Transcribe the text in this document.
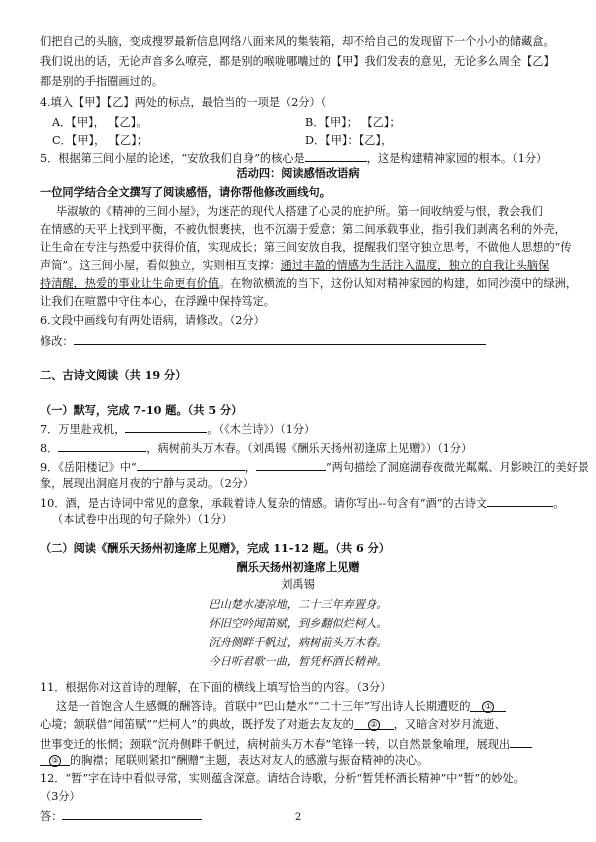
们把自己的头脑，变成搜罗最新信息网络八面来风的集装箱，却不给自己的发现留下一个小小的储藏盒。
我们说出的话，无论声音多么嘹亮，都是别的喉咙哪囔过的【甲】我们发表的意见，无论多么周全【乙】
都是别的手指圈画过的。
4.填入【甲】【乙】两处的标点，最恰当的一项是（2分）（
A．【甲】， 【乙】。	B．【甲】； 【乙】；
C．【甲】， 【乙】；	D．【甲】：【乙】，
5．根据第三间小屋的论述，“安放我们自身”的核心是	，这是构建精神家园的根本。（1分）
活动四：阅读感悟改语病
一位同学结合全文撰写了阅读感悟，请你帮他修改画线句。
毕淑敏的《精神的三间小屋》，为迷茫的现代人搭建了心灵的庇护所。第一间收纳爱与恨，教会我们
在情感的天平上找到平衡，不被仇恨裹挟，也不沉溺于爱意；第二间承载事业，指引我们剥离名利的外壳，
让生命在专注与热爱中获得价值，实现成长；第三间安放自我，提醒我们坚守独立思考，不做他人思想的“传
声筒”。这三间小屋，看似独立，实则相互支撑：通过丰盈的情感为生活注入温度，独立的自我让头脑保
持清醒，热爱的事业让生命更有价值。在物欲横流的当下，这份认知对精神家园的构建，如同沙漠中的绿洲，
让我们在喧嚣中守住本心，在浮躁中保持笃定。
6.文段中画线句有两处语病，请修改。（2分）
修改：
二、古诗文阅读（共 19 分）
（一）默写，完成 7-10 题。（共 5 分）
7．万里赴戎机，	。（《木兰诗》）（1分）
8．	，病树前头万木春。（刘禹锡《酬乐天扬州初逢席上见赠》）（1分）
9．《岳阳楼记》中“	，	”两句描绘了洞庭湖春夜微光粼粼、月影映江的美好景
象，展现出洞庭月夜的宁静与灵动。（2分）
10．酒，是古诗词中常见的意象，承载着诗人复杂的情感。请你写出--句含有“酒”的古诗文	。
（本试卷中出现的句子除外）（1分）
（二）阅读《酬乐天扬州初逢席上见赠》，完成 11-12 题。（共 6 分）
酬乐天扬州初逢席上见赠
刘禹锡
巴山楚水凄凉地，二十三年弃置身。
怀旧空吟闻笛赋，到乡翻似烂柯人。
沉舟侧畔千帆过，病树前头万木春。
今日听君歌一曲，暂凭杯酒长精神。
11．根据你对这首诗的理解，在下面的横线上填写恰当的内容。（3分）
这是一首饱含人生感慨的酬答诗。首联中“巴山楚水”“二十三年”写出诗人长期遭贬的 ①
心境；颔联借“闻笛赋”“烂柯人”的典故，既抒发了对逝去友友的 ② ，又暗含对岁月流逝、
世事变迁的怅惘；颈联“沉舟侧畔千帆过，病树前头万木春”笔锋一转，以自然景象喻理，展现出
③ 的胸襟；尾联则紧扣“酬赠”主题，表达对友人的感激与振奋精神的决心。
12．“暂”字在诗中看似寻常，实则蕴含深意。请结合诗歌，分析“暂凭杯酒长精神”中“暂”的妙处。
（3分）
答：	2
